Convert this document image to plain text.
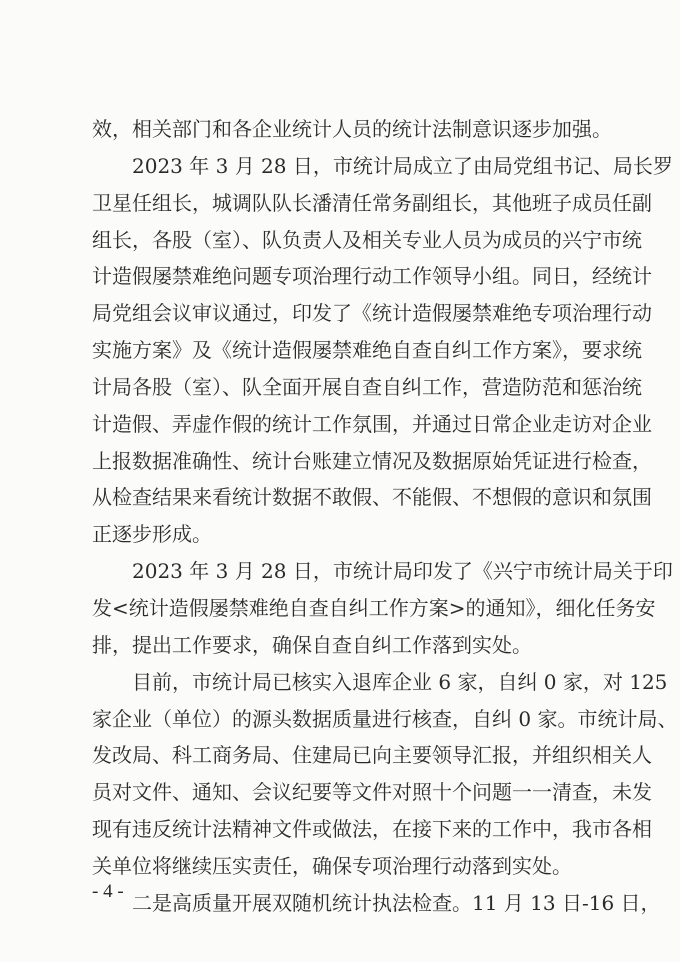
效，相关部门和各企业统计人员的统计法制意识逐步加强。
2023 年 3 月 28 日，市统计局成立了由局党组书记、局长罗
卫星任组长，城调队队长潘清任常务副组长，其他班子成员任副
组长，各股（室）、队负责人及相关专业人员为成员的兴宁市统
计造假屡禁难绝问题专项治理行动工作领导小组。同日，经统计
局党组会议审议通过，印发了《统计造假屡禁难绝专项治理行动
实施方案》及《统计造假屡禁难绝自查自纠工作方案》，要求统
计局各股（室）、队全面开展自查自纠工作，营造防范和惩治统
计造假、弄虚作假的统计工作氛围，并通过日常企业走访对企业
上报数据准确性、统计台账建立情况及数据原始凭证进行检查，
从检查结果来看统计数据不敢假、不能假、不想假的意识和氛围
正逐步形成。
2023 年 3 月 28 日，市统计局印发了《兴宁市统计局关于印
发<统计造假屡禁难绝自查自纠工作方案>的通知》，细化任务安
排，提出工作要求，确保自查自纠工作落到实处。
目前，市统计局已核实入退库企业 6 家，自纠 0 家，对 125
家企业（单位）的源头数据质量进行核查，自纠 0 家。市统计局、
发改局、科工商务局、住建局已向主要领导汇报，并组织相关人
员对文件、通知、会议纪要等文件对照十个问题一一清查，未发
现有违反统计法精神文件或做法，在接下来的工作中，我市各相
关单位将继续压实责任，确保专项治理行动落到实处。
二是高质量开展双随机统计执法检查。11 月 13 日-16 日，
- 4 -
